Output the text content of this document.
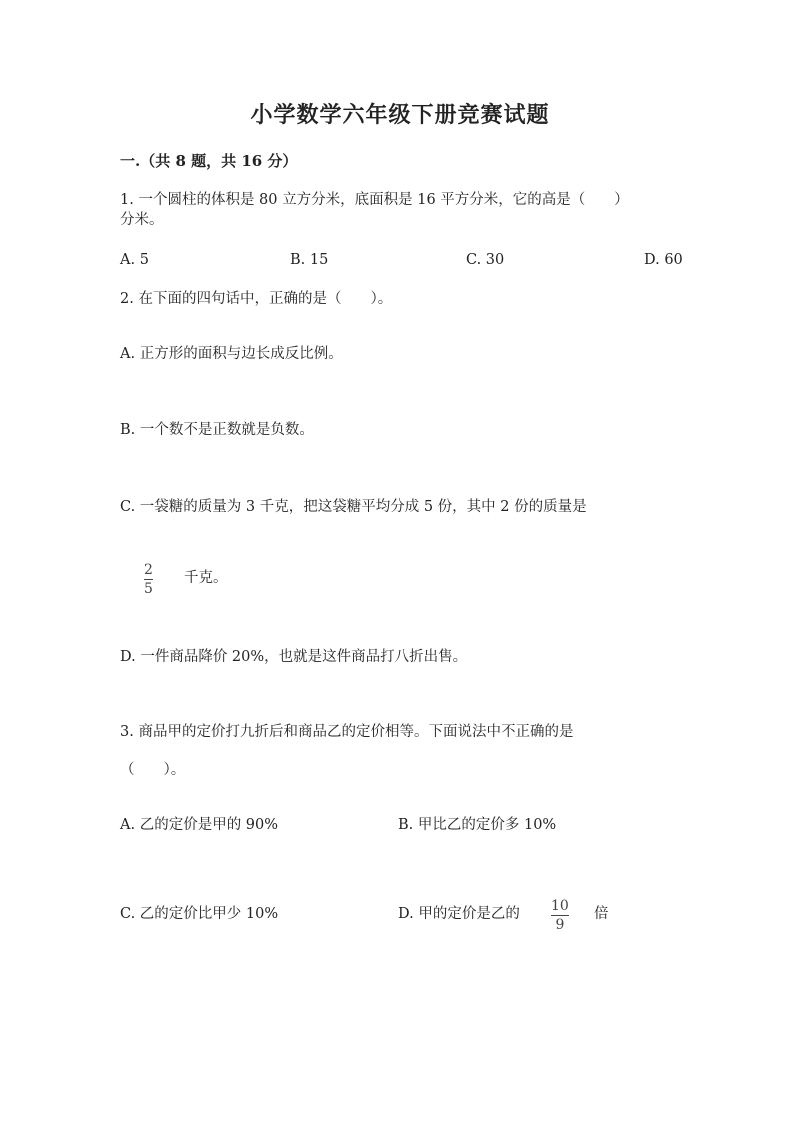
小学数学六年级下册竞赛试题
一.（共 8 题，共 16 分）
1. 一个圆柱的体积是 80 立方分米，底面积是 16 平方分米，它的高是（　　）
分米。
A. 5	B. 15	C. 30	D. 60
2. 在下面的四句话中，正确的是（　　）。
A. 正方形的面积与边长成反比例。
B. 一个数不是正数就是负数。
C. 一袋糖的质量为 3 千克，把这袋糖平均分成 5 份，其中 2 份的质量是
2
5
千克。
D. 一件商品降价 20%，也就是这件商品打八折出售。
3. 商品甲的定价打九折后和商品乙的定价相等。下面说法中不正确的是
（　　）。
A. 乙的定价是甲的 90%	B. 甲比乙的定价多 10%
C. 乙的定价比甲少 10%	D. 甲的定价是乙的 10
9
倍
